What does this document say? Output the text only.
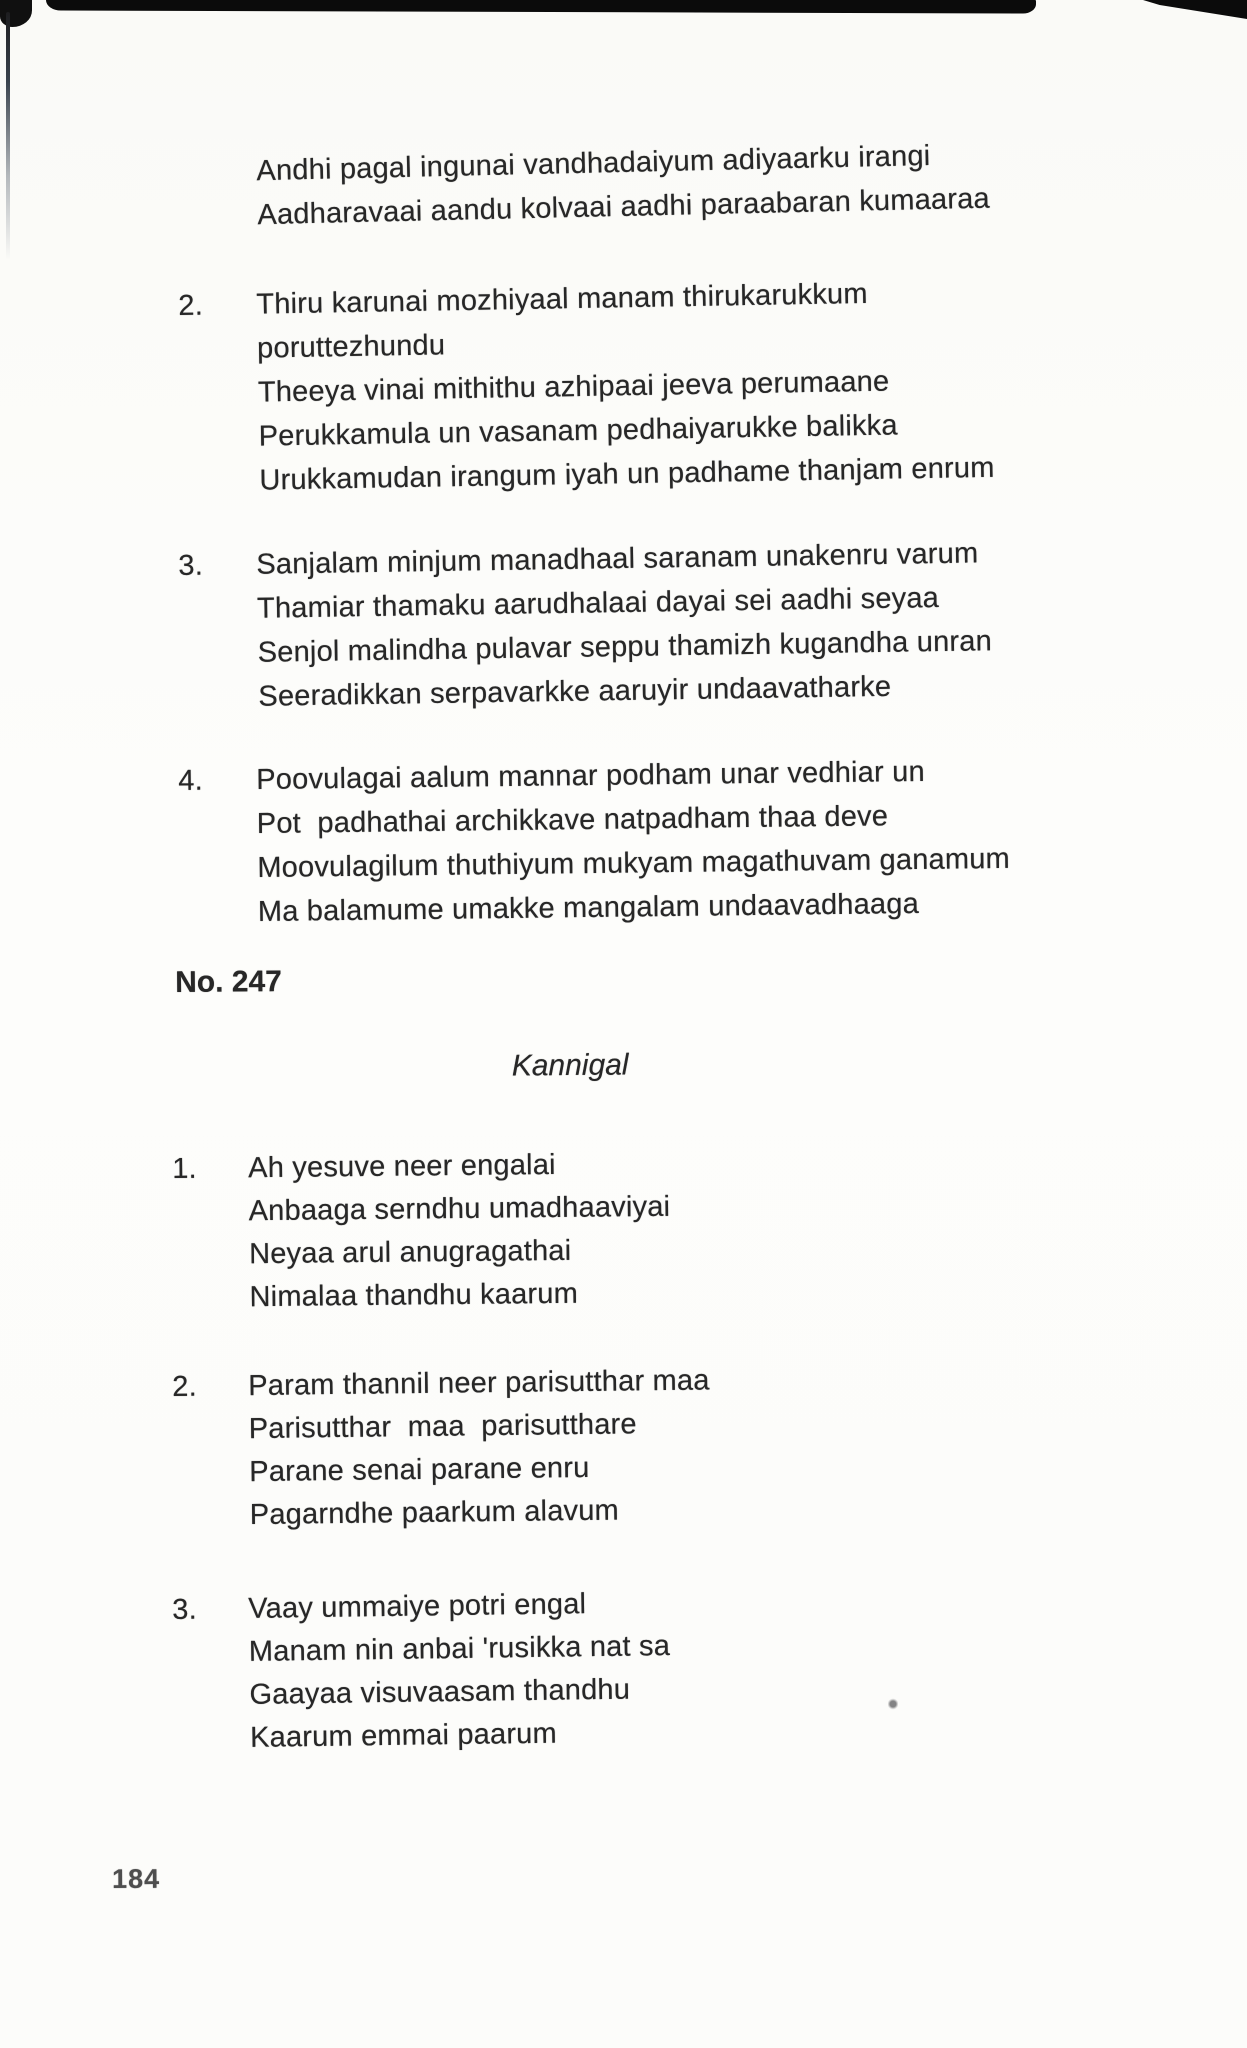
Andhi pagal ingunai vandhadaiyum adiyaarku irangi
Aadharavaai aandu kolvaai aadhi paraabaran kumaaraa
2. Thiru karunai mozhiyaal manam thirukarukkum
poruttezhundu
Theeya vinai mithithu azhipaai jeeva perumaane
Perukkamula un vasanam pedhaiyarukke balikka
Urukkamudan irangum iyah un padhame thanjam enrum
3. Sanjalam minjum manadhaal saranam unakenru varum
Thamiar thamaku aarudhalaai dayai sei aadhi seyaa
Senjol malindha pulavar seppu thamizh kugandha unran
Seeradikkan serpavarkke aaruyir undaavatharke
4. Poovulagai aalum mannar podham unar vedhiar un
Pot  padhathai archikkave natpadham thaa deve
Moovulagilum thuthiyum mukyam magathuvam ganamum
Ma balamume umakke mangalam undaavadhaaga
No. 247
Kannigal
1. Ah yesuve neer engalai
Anbaaga serndhu umadhaaviyai
Neyaa arul anugragathai
Nimalaa thandhu kaarum
2. Param thannil neer parisutthar maa
Parisutthar  maa  parisutthare
Parane senai parane enru
Pagarndhe paarkum alavum
3. Vaay ummaiye potri engal
Manam nin anbai 'rusikka nat sa
Gaayaa visuvaasam thandhu
Kaarum emmai paarum
184
